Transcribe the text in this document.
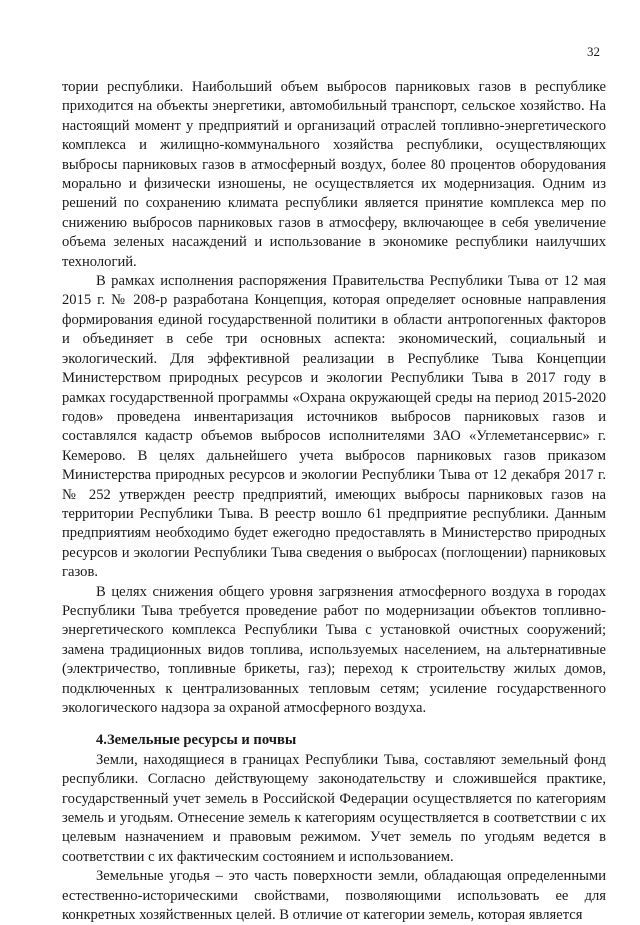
32

тории республики. Наибольший объем выбросов парниковых газов в республике приходится на объекты энергетики, автомобильный транспорт, сельское хозяйство. На настоящий момент у предприятий и организаций отраслей топливно-энергетического комплекса и жилищно-коммунального хозяйства республики, осуществляющих выбросы парниковых газов в атмосферный воздух, более 80 процентов оборудования морально и физически изношены, не осуществляется их модернизация. Одним из решений по сохранению климата республики является принятие комплекса мер по снижению выбросов парниковых газов в атмосферу, включающее в себя увеличение объема зеленых насаждений и использование в экономике республики наилучших технологий.

В рамках исполнения распоряжения Правительства Республики Тыва от 12 мая 2015 г. № 208-р разработана Концепция, которая определяет основные направления формирования единой государственной политики в области антропогенных факторов и объединяет в себе три основных аспекта: экономический, социальный и экологический. Для эффективной реализации в Республике Тыва Концепции Министерством природных ресурсов и экологии Республики Тыва в 2017 году в рамках государственной программы «Охрана окружающей среды на период 2015-2020 годов» проведена инвентаризация источников выбросов парниковых газов и составлялся кадастр объемов выбросов исполнителями ЗАО «Углеметансервис» г. Кемерово. В целях дальнейшего учета выбросов парниковых газов приказом Министерства природных ресурсов и экологии Республики Тыва от 12 декабря 2017 г. № 252 утвержден реестр предприятий, имеющих выбросы парниковых газов на территории Республики Тыва. В реестр вошло 61 предприятие республики. Данным предприятиям необходимо будет ежегодно предоставлять в Министерство природных ресурсов и экологии Республики Тыва сведения о выбросах (поглощении) парниковых газов.

В целях снижения общего уровня загрязнения атмосферного воздуха в городах Республики Тыва требуется проведение работ по модернизации объектов топливно-энергетического комплекса Республики Тыва с установкой очистных сооружений; замена традиционных видов топлива, используемых населением, на альтернативные (электричество, топливные брикеты, газ); переход к строительству жилых домов, подключенных к централизованных тепловым сетям; усиление государственного экологического надзора за охраной атмосферного воздуха.

4.Земельные ресурсы и почвы

Земли, находящиеся в границах Республики Тыва, составляют земельный фонд республики. Согласно действующему законодательству и сложившейся практике, государственный учет земель в Российской Федерации осуществляется по категориям земель и угодьям. Отнесение земель к категориям осуществляется в соответствии с их целевым назначением и правовым режимом. Учет земель по угодьям ведется в соответствии с их фактическим состоянием и использованием.

Земельные угодья – это часть поверхности земли, обладающая определенными естественно-историческими свойствами, позволяющими использовать ее для конкретных хозяйственных целей. В отличие от категории земель, которая является
